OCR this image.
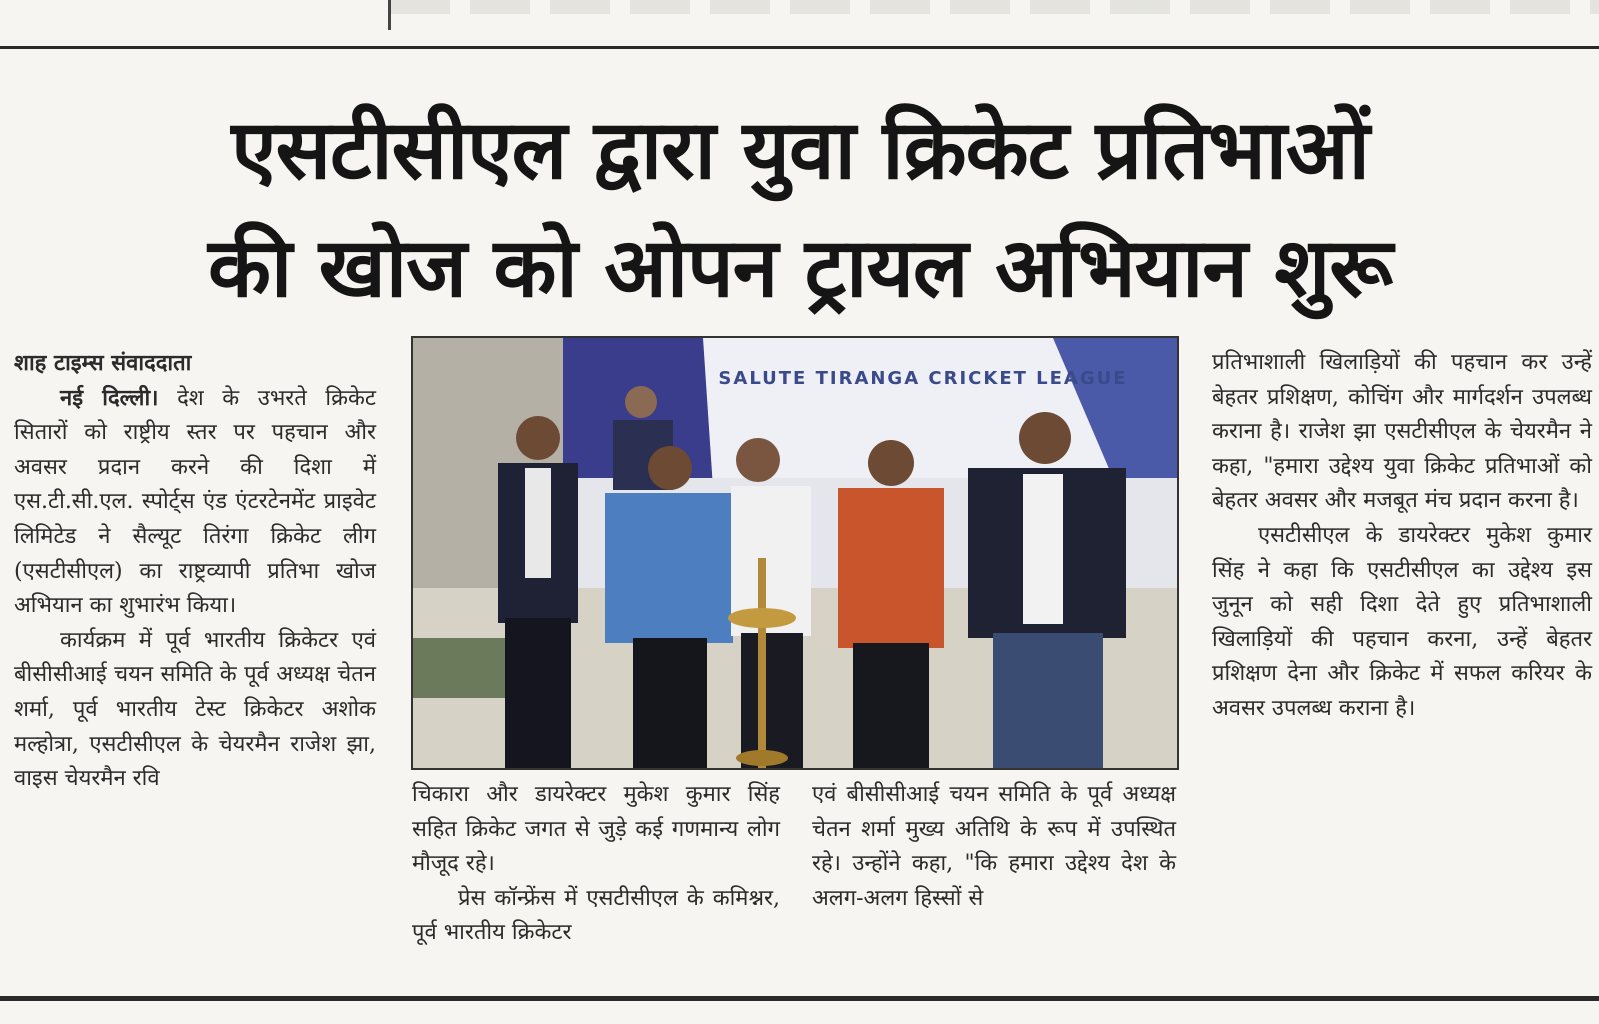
एसटीसीएल द्वारा युवा क्रिकेट प्रतिभाओं
की खोज को ओपन ट्रायल अभियान शुरू

शाह टाइम्स संवाददाता

नई दिल्ली। देश के उभरते क्रिकेट सितारों को राष्ट्रीय स्तर पर पहचान और अवसर प्रदान करने की दिशा में एस.टी.सी.एल. स्पोर्ट्स एंड एंटरटेनमेंट प्राइवेट लिमिटेड ने सैल्यूट तिरंगा क्रिकेट लीग (एसटीसीएल) का राष्ट्रव्यापी प्रतिभा खोज अभियान का शुभारंभ किया।

कार्यक्रम में पूर्व भारतीय क्रिकेटर एवं बीसीसीआई चयन समिति के पूर्व अध्यक्ष चेतन शर्मा, पूर्व भारतीय टेस्ट क्रिकेटर अशोक मल्होत्रा, एसटीसीएल के चेयरमैन राजेश झा, वाइस चेयरमैन रवि

SALUTE TIRANGA CRICKET LEAGUE

चिकारा और डायरेक्टर मुकेश कुमार सिंह सहित क्रिकेट जगत से जुड़े कई गणमान्य लोग मौजूद रहे।

प्रेस कॉन्फ्रेंस में एसटीसीएल के कमिश्नर, पूर्व भारतीय क्रिकेटर

एवं बीसीसीआई चयन समिति के पूर्व अध्यक्ष चेतन शर्मा मुख्य अतिथि के रूप में उपस्थित रहे। उन्होंने कहा, "कि हमारा उद्देश्य देश के अलग-अलग हिस्सों से

प्रतिभाशाली खिलाड़ियों की पहचान कर उन्हें बेहतर प्रशिक्षण, कोचिंग और मार्गदर्शन उपलब्ध कराना है। राजेश झा एसटीसीएल के चेयरमैन ने कहा, "हमारा उद्देश्य युवा क्रिकेट प्रतिभाओं को बेहतर अवसर और मजबूत मंच प्रदान करना है।

एसटीसीएल के डायरेक्टर मुकेश कुमार सिंह ने कहा कि एसटीसीएल का उद्देश्य इस जुनून को सही दिशा देते हुए प्रतिभाशाली खिलाड़ियों की पहचान करना, उन्हें बेहतर प्रशिक्षण देना और क्रिकेट में सफल करियर के अवसर उपलब्ध कराना है।
